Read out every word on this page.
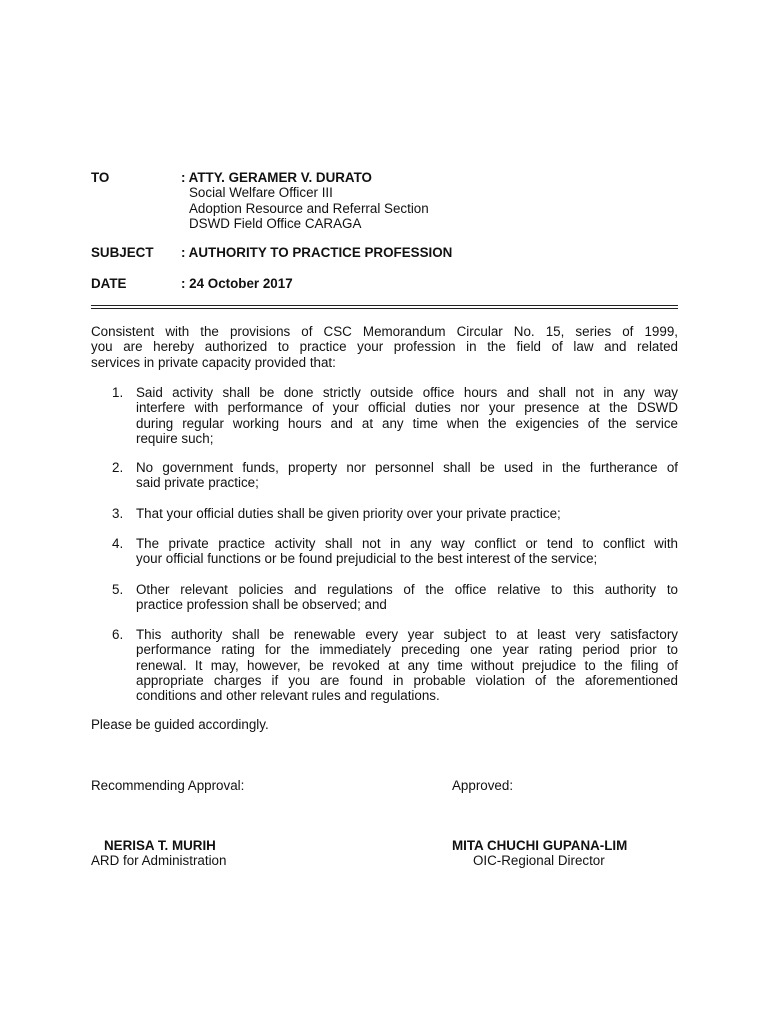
TO	: ATTY. GERAMER V. DURATO
Social Welfare Officer III
Adoption Resource and Referral Section
DSWD Field Office CARAGA
SUBJECT : AUTHORITY TO PRACTICE PROFESSION
DATE	: 24 October 2017
Consistent with the provisions of CSC Memorandum Circular No. 15, series of 1999,
you are hereby authorized to practice your profession in the field of law and related
services in private capacity provided that:
1. Said activity shall be done strictly outside office hours and shall not in any way
interfere with performance of your official duties nor your presence at the DSWD
during regular working hours and at any time when the exigencies of the service
require such;
2. No government funds, property nor personnel shall be used in the furtherance of
said private practice;
3. That your official duties shall be given priority over your private practice;
4. The private practice activity shall not in any way conflict or tend to conflict with
your official functions or be found prejudicial to the best interest of the service;
5. Other relevant policies and regulations of the office relative to this authority to
practice profession shall be observed; and
6. This authority shall be renewable every year subject to at least very satisfactory
performance rating for the immediately preceding one year rating period prior to
renewal. It may, however, be revoked at any time without prejudice to the filing of
appropriate charges if you are found in probable violation of the aforementioned
conditions and other relevant rules and regulations.
Please be guided accordingly.
Recommending Approval:	Approved:
NERISA T. MURIH
ARD for Administration
MITA CHUCHI GUPANA-LIM
OIC-Regional Director
